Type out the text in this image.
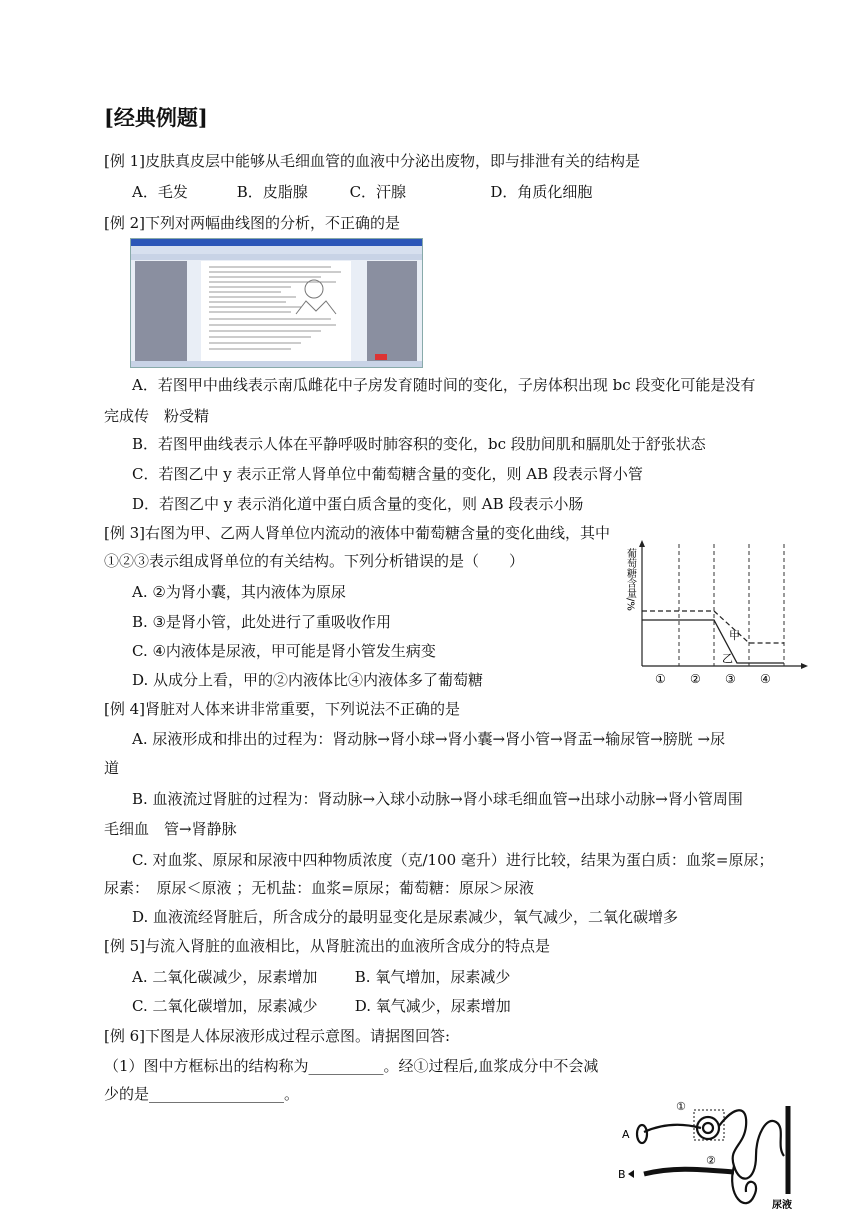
[经典例题]
[例 1]皮肤真皮层中能够从毛细血管的血液中分泌出废物，即与排泄有关的结构是
A．毛发	B．皮脂腺	C．汗腺	D．角质化细胞
[例 2]下列对两幅曲线图的分析，不正确的是
A．若图甲中曲线表示南瓜雌花中子房发育随时间的变化，子房体积出现 bc 段变化可能是没有
完成传　粉受精
B．若图甲曲线表示人体在平静呼吸时肺容积的变化，bc 段肋间肌和膈肌处于舒张状态
C．若图乙中 y 表示正常人肾单位中葡萄糖含量的变化，则 AB 段表示肾小管
D．若图乙中 y 表示消化道中蛋白质含量的变化，则 AB 段表示小肠
[例 3]右图为甲、乙两人肾单位内流动的液体中葡萄糖含量的变化曲线，其中
①②③表示组成肾单位的有关结构。下列分析错误的是（　　）
A. ②为肾小囊，其内液体为原尿
B. ③是肾小管，此处进行了重吸收作用
C. ④内液体是尿液，甲可能是肾小管发生病变
D. 从成分上看，甲的②内液体比④内液体多了葡萄糖
葡萄糖含量/%
甲
乙
① ② ③ ④
[例 4]肾脏对人体来讲非常重要，下列说法不正确的是
A. 尿液形成和排出的过程为：肾动脉→肾小球→肾小囊→肾小管→肾盂→输尿管→膀胱 →尿
道
B. 血液流过肾脏的过程为：肾动脉→入球小动脉→肾小球毛细血管→出球小动脉→肾小管周围
毛细血　管→肾静脉
C. 对血浆、原尿和尿液中四种物质浓度（克/100 毫升）进行比较，结果为蛋白质：血浆=原尿；
尿素：　原尿＜原液 ；无机盐：血浆=原尿；葡萄糖：原尿＞尿液
D. 血液流经肾脏后，所含成分的最明显变化是尿素减少，氧气减少，二氧化碳增多
[例 5]与流入肾脏的血液相比，从肾脏流出的血液所含成分的特点是
A. 二氧化碳减少，尿素增加 B. 氧气增加，尿素减少
C. 二氧化碳增加，尿素减少 D. 氧气减少，尿素增加
[例 6]下图是人体尿液形成过程示意图。请据图回答:
（1）图中方框标出的结构称为__________。经①过程后,血浆成分中不会减
少的是__________________。
①
②
A
B
尿液
